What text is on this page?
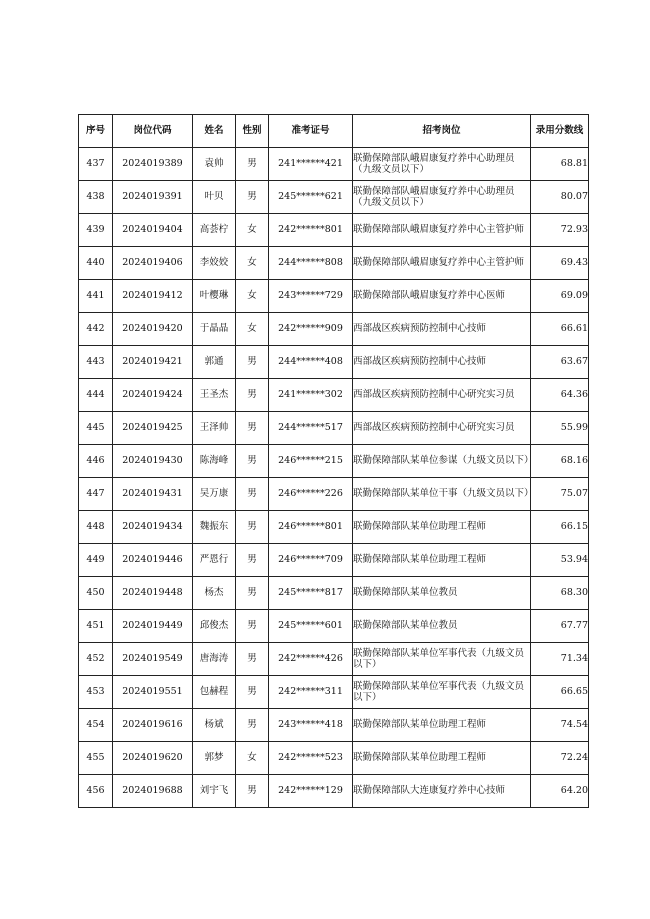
序号	岗位代码	姓名	性别	准考证号	招考岗位	录用分数线
437	2024019389	袁帅	男	241******421	联勤保障部队峨眉康复疗养中心助理员（九级文员以下）	68.81
438	2024019391	叶贝	男	245******621	联勤保障部队峨眉康复疗养中心助理员（九级文员以下）	80.07
439	2024019404	高荟柠	女	242******801	联勤保障部队峨眉康复疗养中心主管护师	72.93
440	2024019406	李姣姣	女	244******808	联勤保障部队峨眉康复疗养中心主管护师	69.43
441	2024019412	叶樱琳	女	243******729	联勤保障部队峨眉康复疗养中心医师	69.09
442	2024019420	于晶晶	女	242******909	西部战区疾病预防控制中心技师	66.61
443	2024019421	郭通	男	244******408	西部战区疾病预防控制中心技师	63.67
444	2024019424	王圣杰	男	241******302	西部战区疾病预防控制中心研究实习员	64.36
445	2024019425	王泽帅	男	244******517	西部战区疾病预防控制中心研究实习员	55.99
446	2024019430	陈海峰	男	246******215	联勤保障部队某单位参谋（九级文员以下）	68.16
447	2024019431	吴万康	男	246******226	联勤保障部队某单位干事（九级文员以下）	75.07
448	2024019434	魏振东	男	246******801	联勤保障部队某单位助理工程师	66.15
449	2024019446	严恩行	男	246******709	联勤保障部队某单位助理工程师	53.94
450	2024019448	杨杰	男	245******817	联勤保障部队某单位教员	68.30
451	2024019449	邱俊杰	男	245******601	联勤保障部队某单位教员	67.77
452	2024019549	唐海涛	男	242******426	联勤保障部队某单位军事代表（九级文员以下）	71.34
453	2024019551	包赫程	男	242******311	联勤保障部队某单位军事代表（九级文员以下）	66.65
454	2024019616	杨斌	男	243******418	联勤保障部队某单位助理工程师	74.54
455	2024019620	郭梦	女	242******523	联勤保障部队某单位助理工程师	72.24
456	2024019688	刘宇飞	男	242******129	联勤保障部队大连康复疗养中心技师	64.20
